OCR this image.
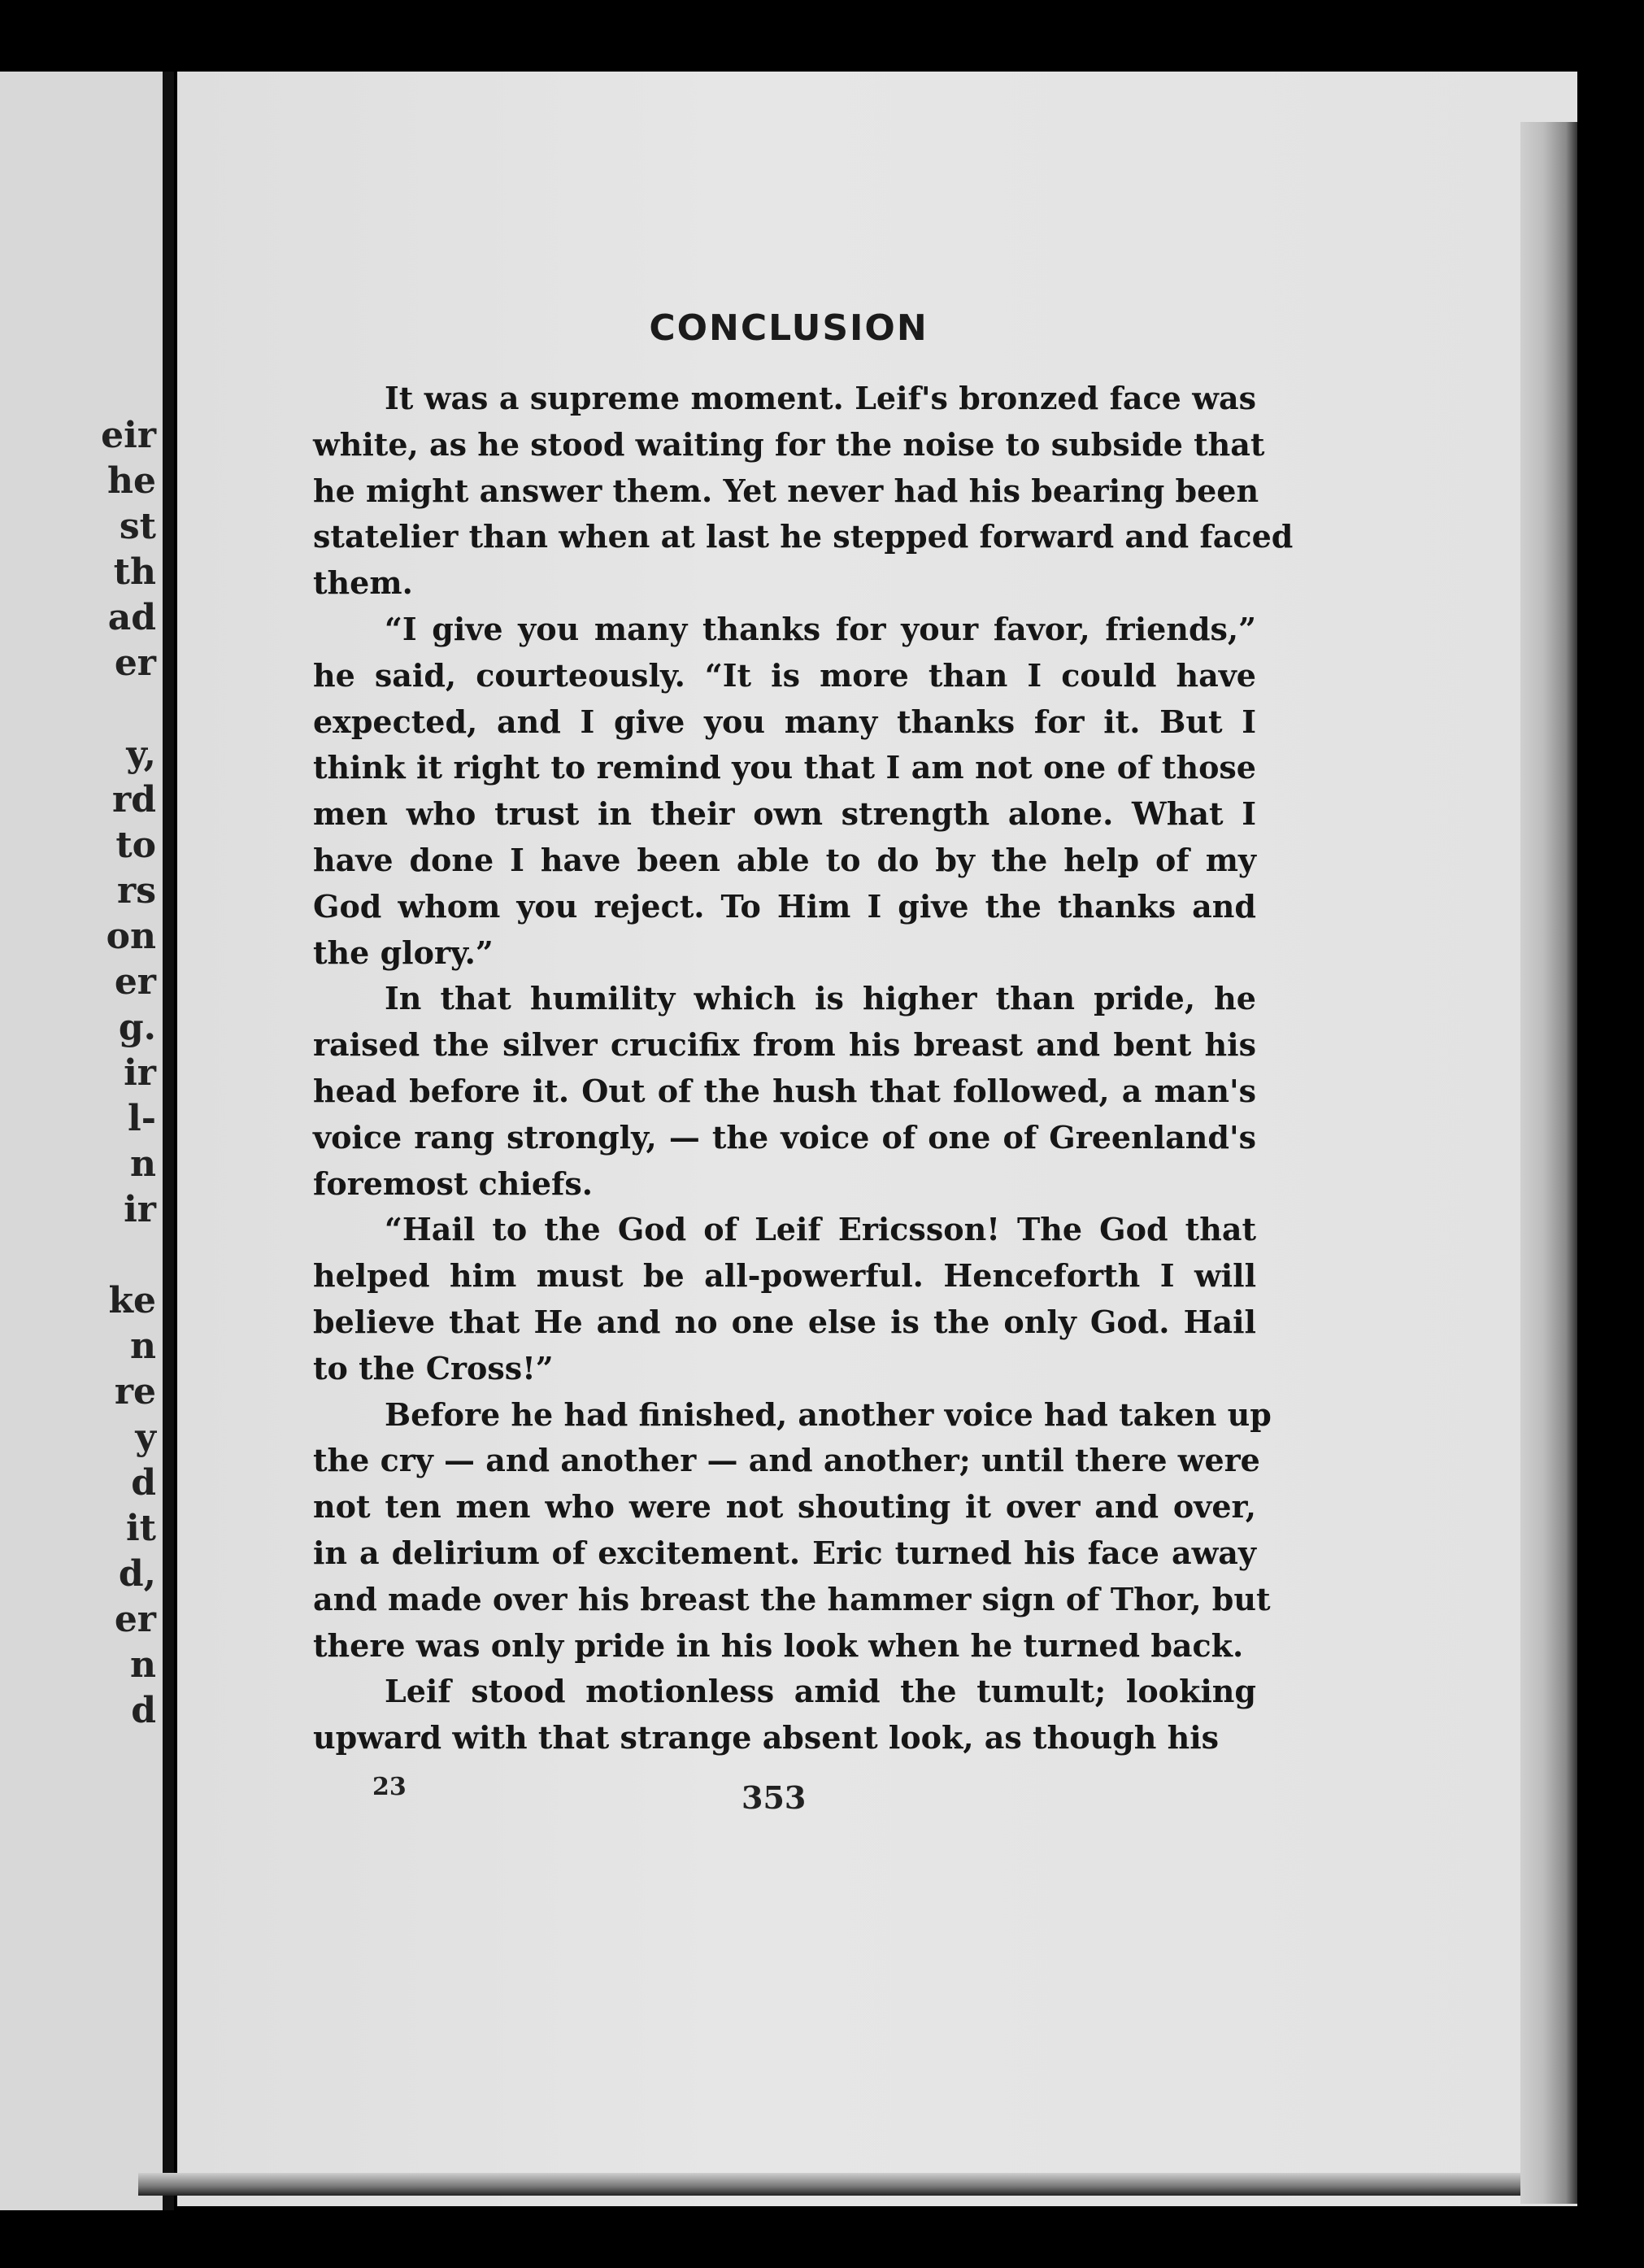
eir
he
st
th
ad
er
y,
rd
to
rs
on
er
g.
ir
l-
n
ir
ke
n
re
y
d
it
d,
er
n
d
CONCLUSION
It was a supreme moment. Leif's bronzed face was
white, as he stood waiting for the noise to subside that
he might answer them. Yet never had his bearing been
statelier than when at last he stepped forward and faced
them.
“I give you many thanks for your favor, friends,”
he said, courteously. “It is more than I could have
expected, and I give you many thanks for it. But I
think it right to remind you that I am not one of those
men who trust in their own strength alone. What I
have done I have been able to do by the help of my
God whom you reject. To Him I give the thanks and
the glory.”
In that humility which is higher than pride, he
raised the silver crucifix from his breast and bent his
head before it. Out of the hush that followed, a man's
voice rang strongly, — the voice of one of Greenland's
foremost chiefs.
“Hail to the God of Leif Ericsson! The God that
helped him must be all-powerful. Henceforth I will
believe that He and no one else is the only God. Hail
to the Cross!”
Before he had finished, another voice had taken up
the cry — and another — and another; until there were
not ten men who were not shouting it over and over,
in a delirium of excitement. Eric turned his face away
and made over his breast the hammer sign of Thor, but
there was only pride in his look when he turned back.
Leif stood motionless amid the tumult; looking
upward with that strange absent look, as though his
23	353
